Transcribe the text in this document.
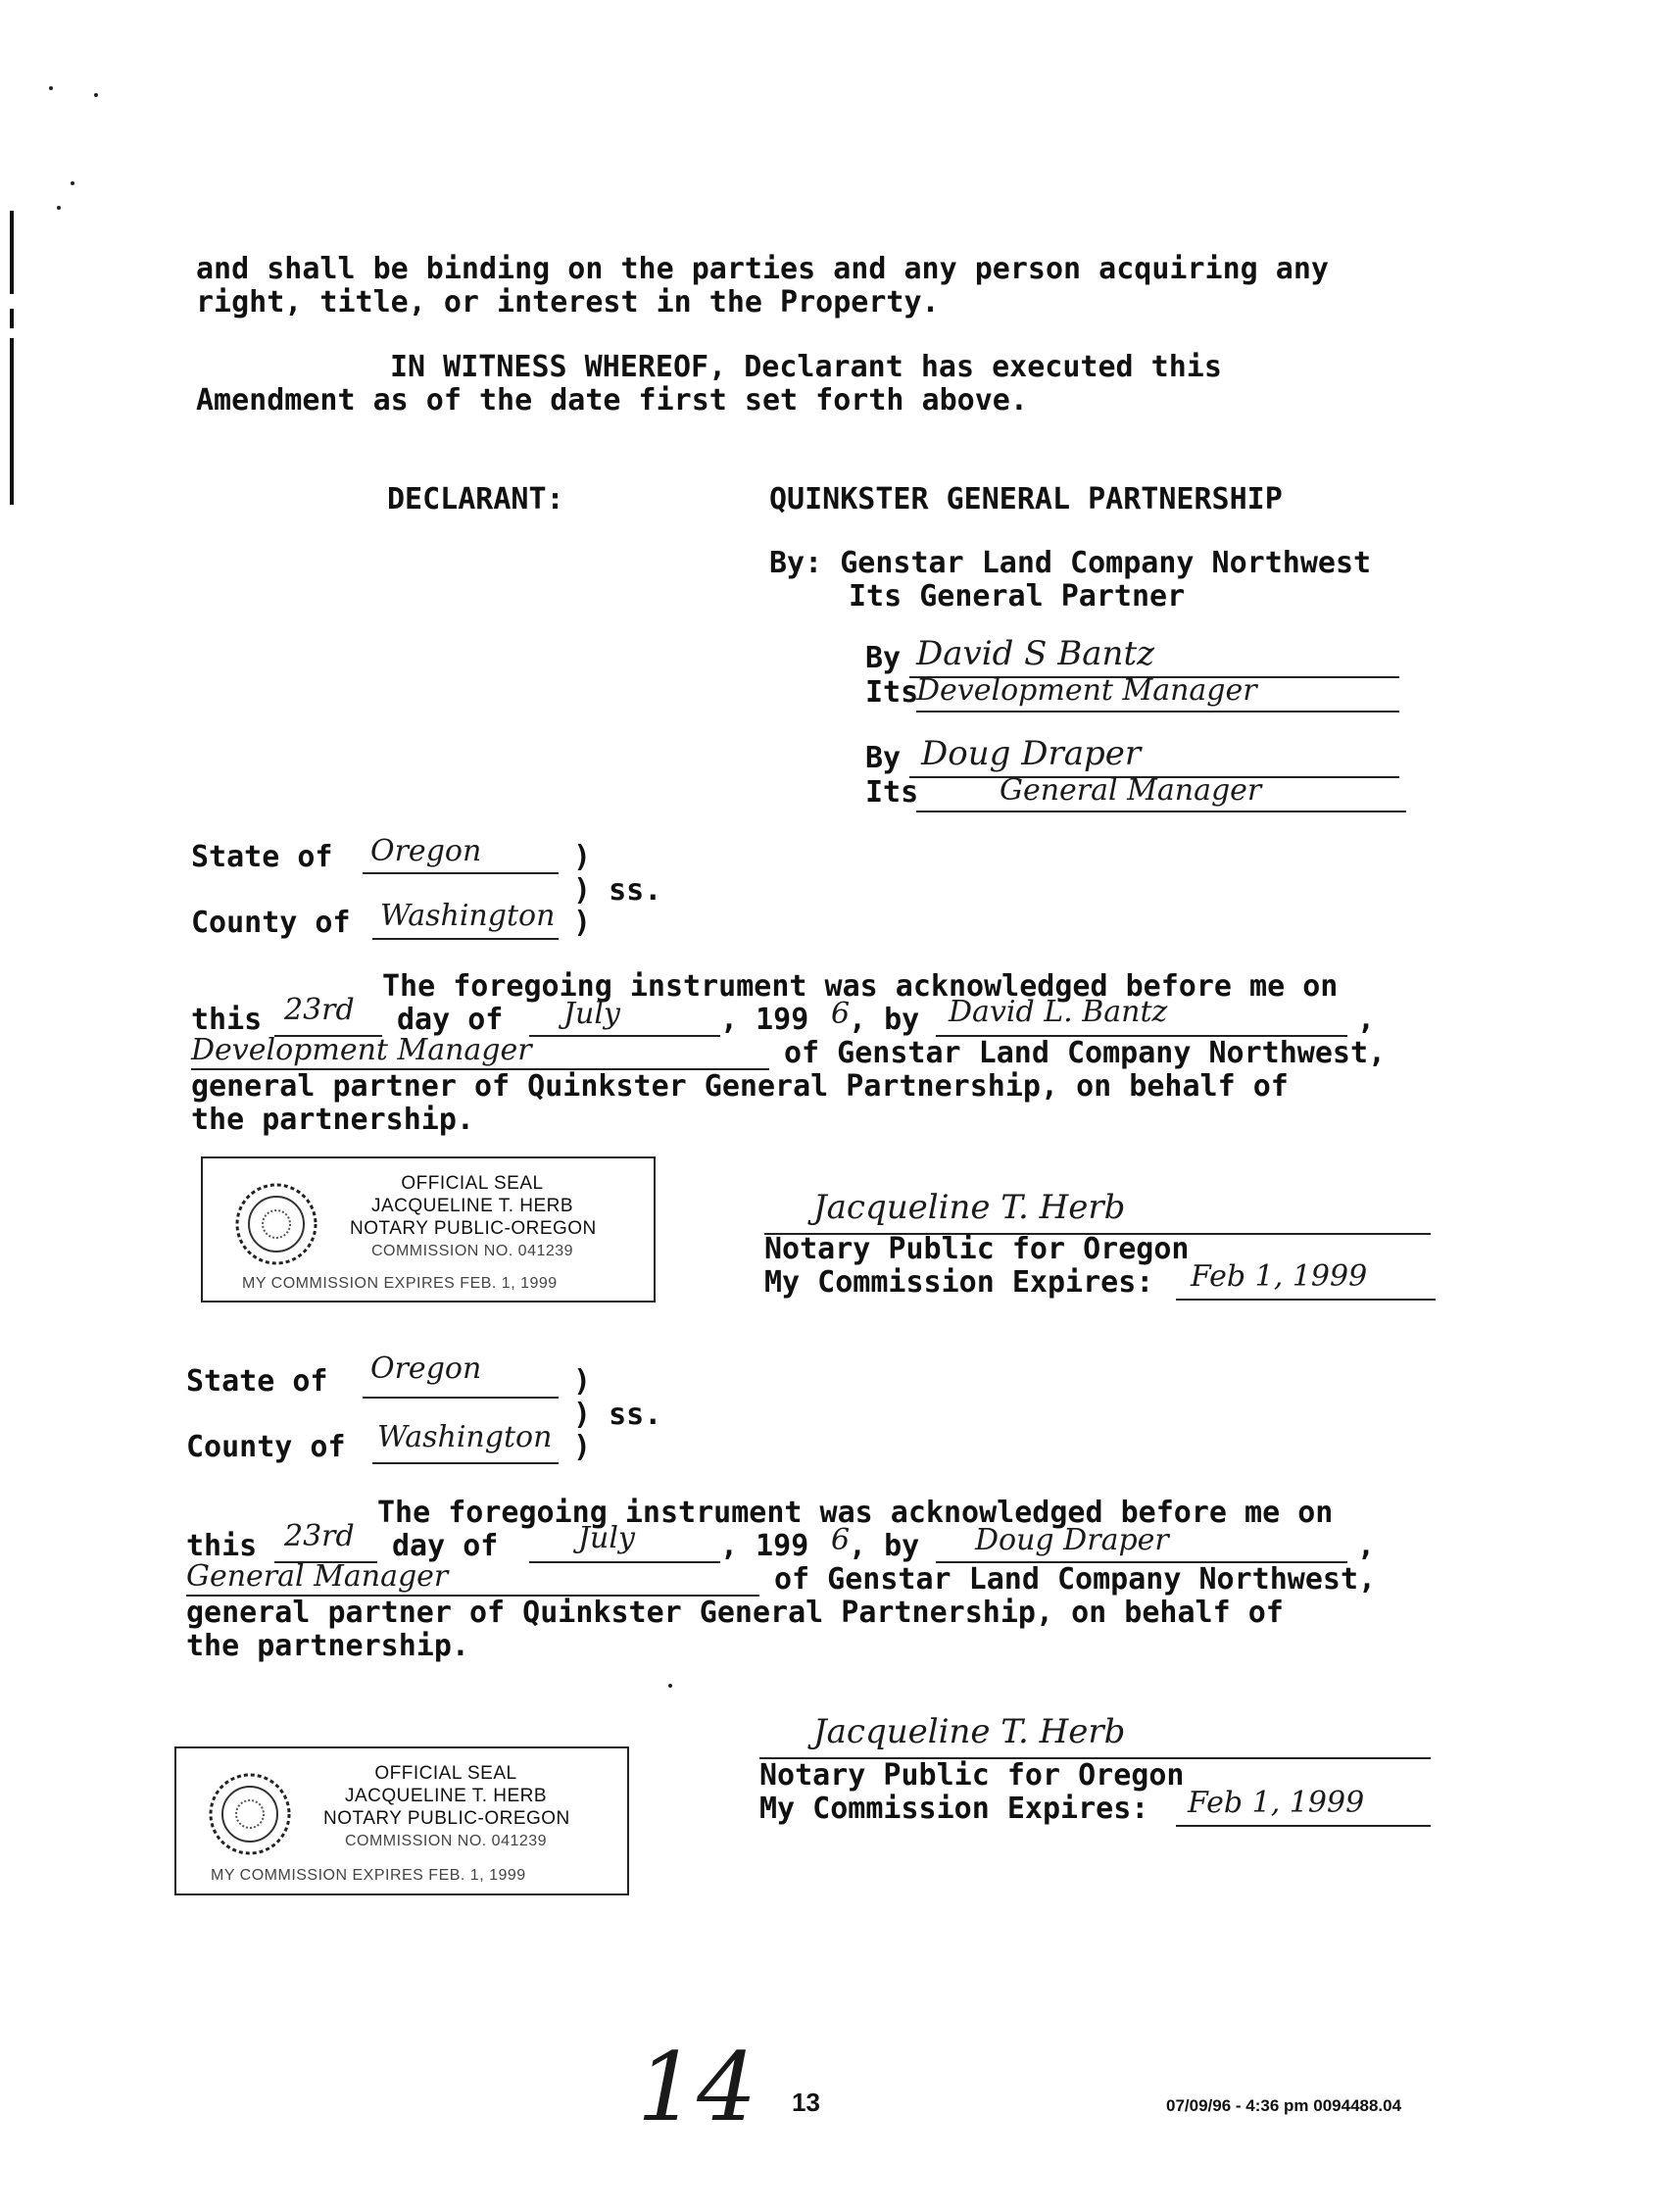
and shall be binding on the parties and any person acquiring any
right, title, or interest in the Property.
IN WITNESS WHEREOF, Declarant has executed this
Amendment as of the date first set forth above.
DECLARANT:	QUINKSTER GENERAL PARTNERSHIP
By: Genstar Land Company Northwest
Its General Partner
By David S Bantz
Its
Development Manager
By Doug Draper
Its	General Manager
State of Oregon	)
) ss.
County of Washington )
The foregoing instrument was acknowledged before me on
this 23rd day of July	, 199 6
, by David L. Bantz	,
Development Manager	of Genstar Land Company Northwest,
general partner of Quinkster General Partnership, on behalf of
the partnership.
OFFICIAL SEAL
JACQUELINE T. HERB
NOTARY PUBLIC-OREGON
COMMISSION NO. 041239
MY COMMISSION EXPIRES FEB. 1, 1999
Jacqueline T. Herb
Notary Public for Oregon
My Commission Expires: Feb 1, 1999
State of Oregon	)
) ss.
County of Washington )
The foregoing instrument was acknowledged before me on
this 23rd day of	July	, 199 6
, by Doug Draper	,
General Manager	of Genstar Land Company Northwest,
general partner of Quinkster General Partnership, on behalf of
the partnership.
OFFICIAL SEAL
JACQUELINE T. HERB
NOTARY PUBLIC-OREGON
COMMISSION NO. 041239
MY COMMISSION EXPIRES FEB. 1, 1999
Jacqueline T. Herb
Notary Public for Oregon
My Commission Expires: Feb 1, 1999
14 13	07/09/96 - 4:36 pm 0094488.04
